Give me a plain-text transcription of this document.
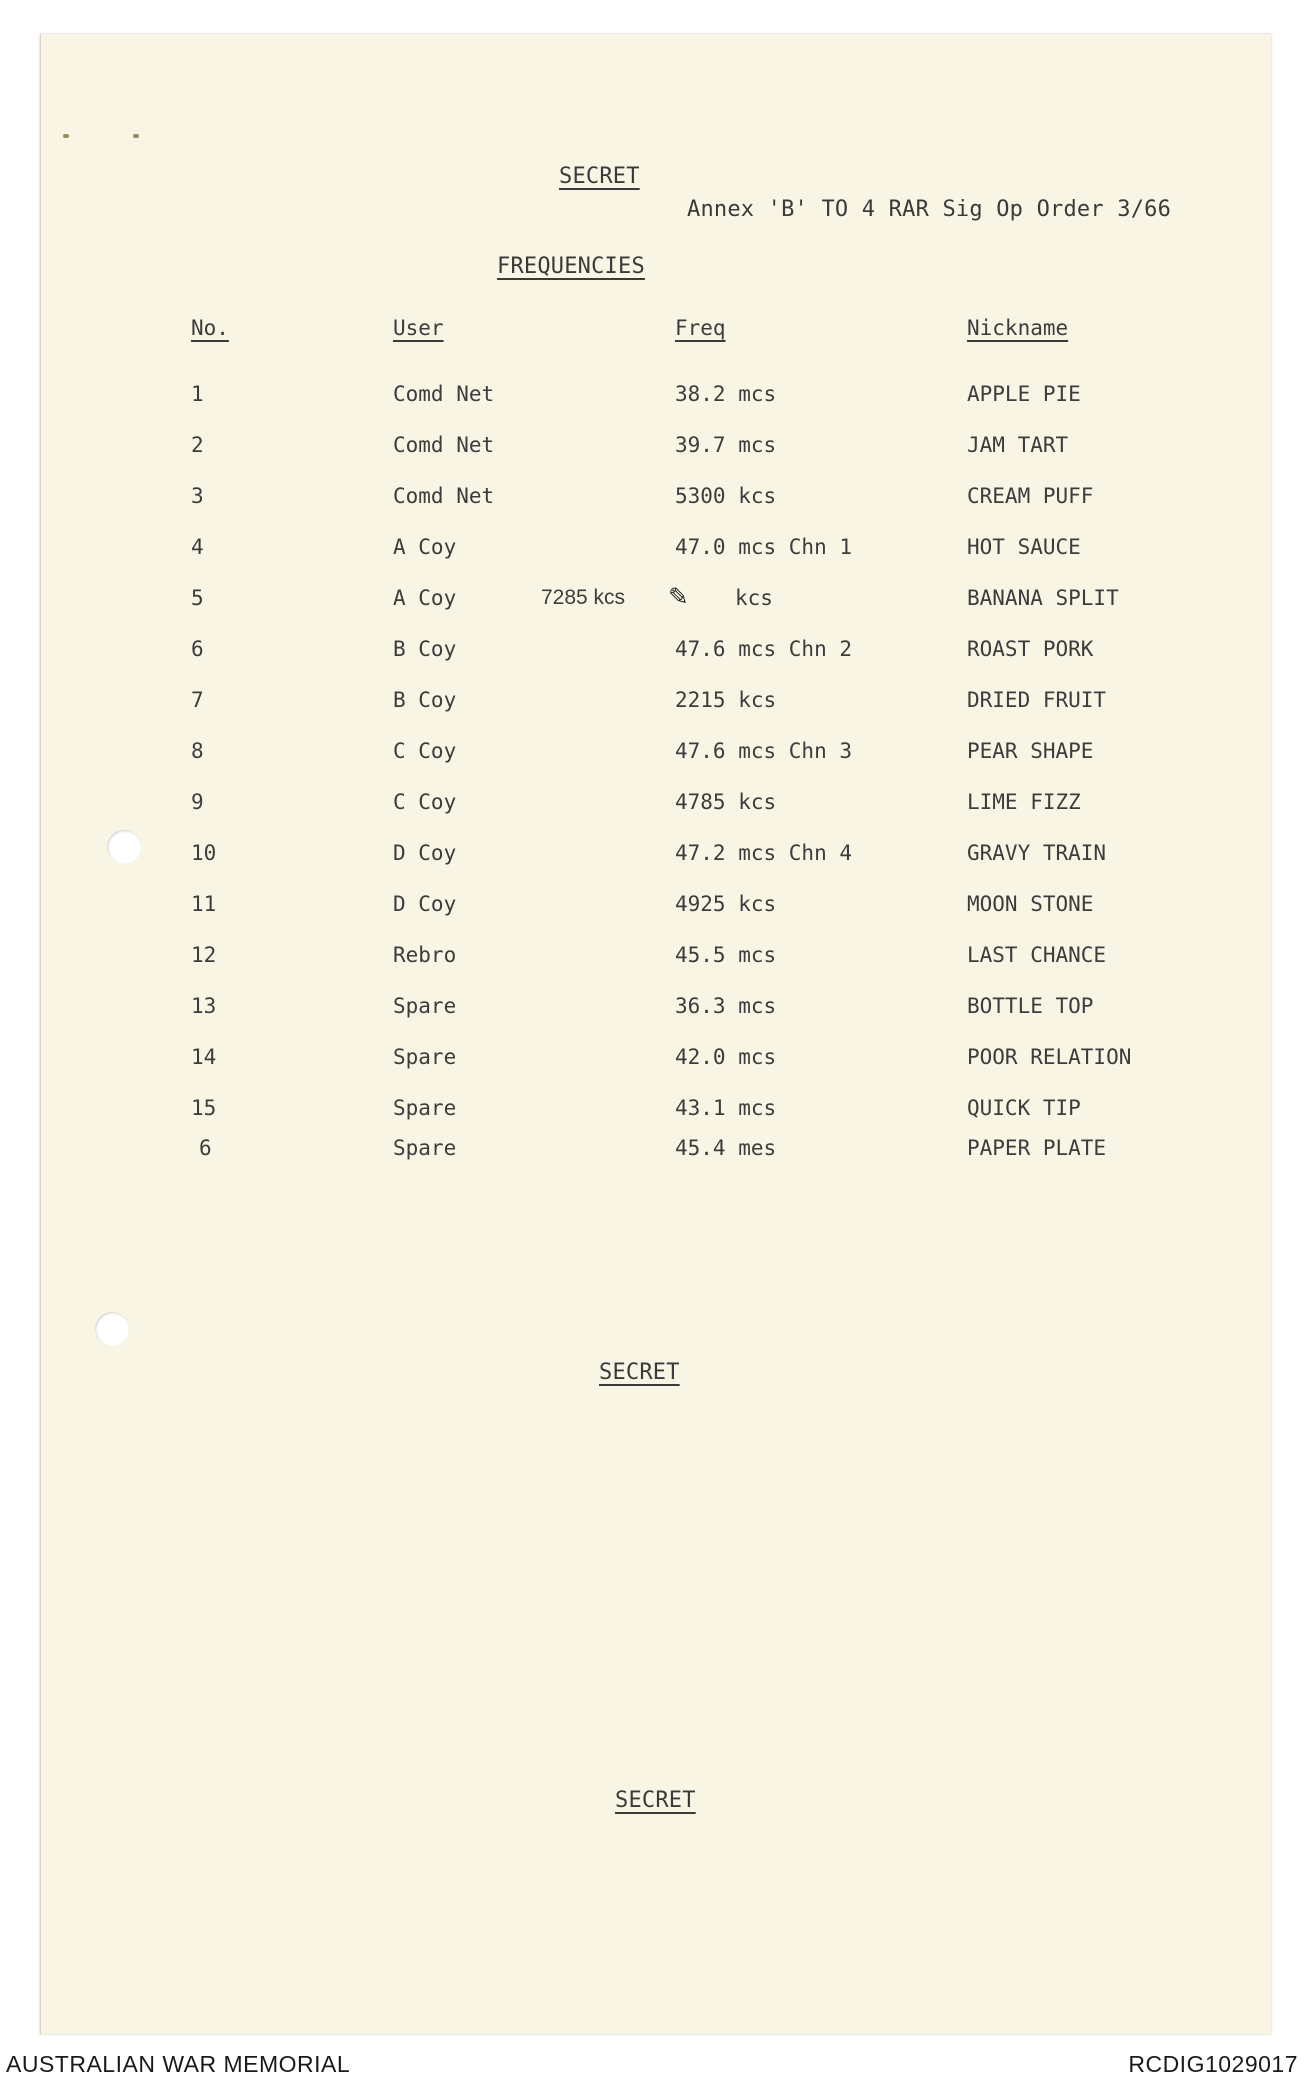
SECRET
Annex 'B' TO 4 RAR Sig Op Order 3/66
FREQUENCIES
No.	User	Freq	Nickname
1	Comd Net	38.2 mcs	APPLE PIE
2	Comd Net	39.7 mcs	JAM TART
3	Comd Net	5300 kcs	CREAM PUFF
4	A Coy	47.0 mcs Chn 1	HOT SAUCE
5	A Coy	7285 kcs ✎ kcs	BANANA SPLIT
6	B Coy	47.6 mcs Chn 2	ROAST PORK
7	B Coy	2215 kcs	DRIED FRUIT
8	C Coy	47.6 mcs Chn 3	PEAR SHAPE
9	C Coy	4785 kcs	LIME FIZZ
10	D Coy	47.2 mcs Chn 4	GRAVY TRAIN
11	D Coy	4925 kcs	MOON STONE
12	Rebro	45.5 mcs	LAST CHANCE
13	Spare	36.3 mcs	BOTTLE TOP
14	Spare	42.0 mcs	POOR RELATION
15	Spare	43.1 mcs	QUICK TIP
6	Spare	45.4 mes	PAPER PLATE
SECRET
SECRET
AUSTRALIAN WAR MEMORIAL	RCDIG1029017
